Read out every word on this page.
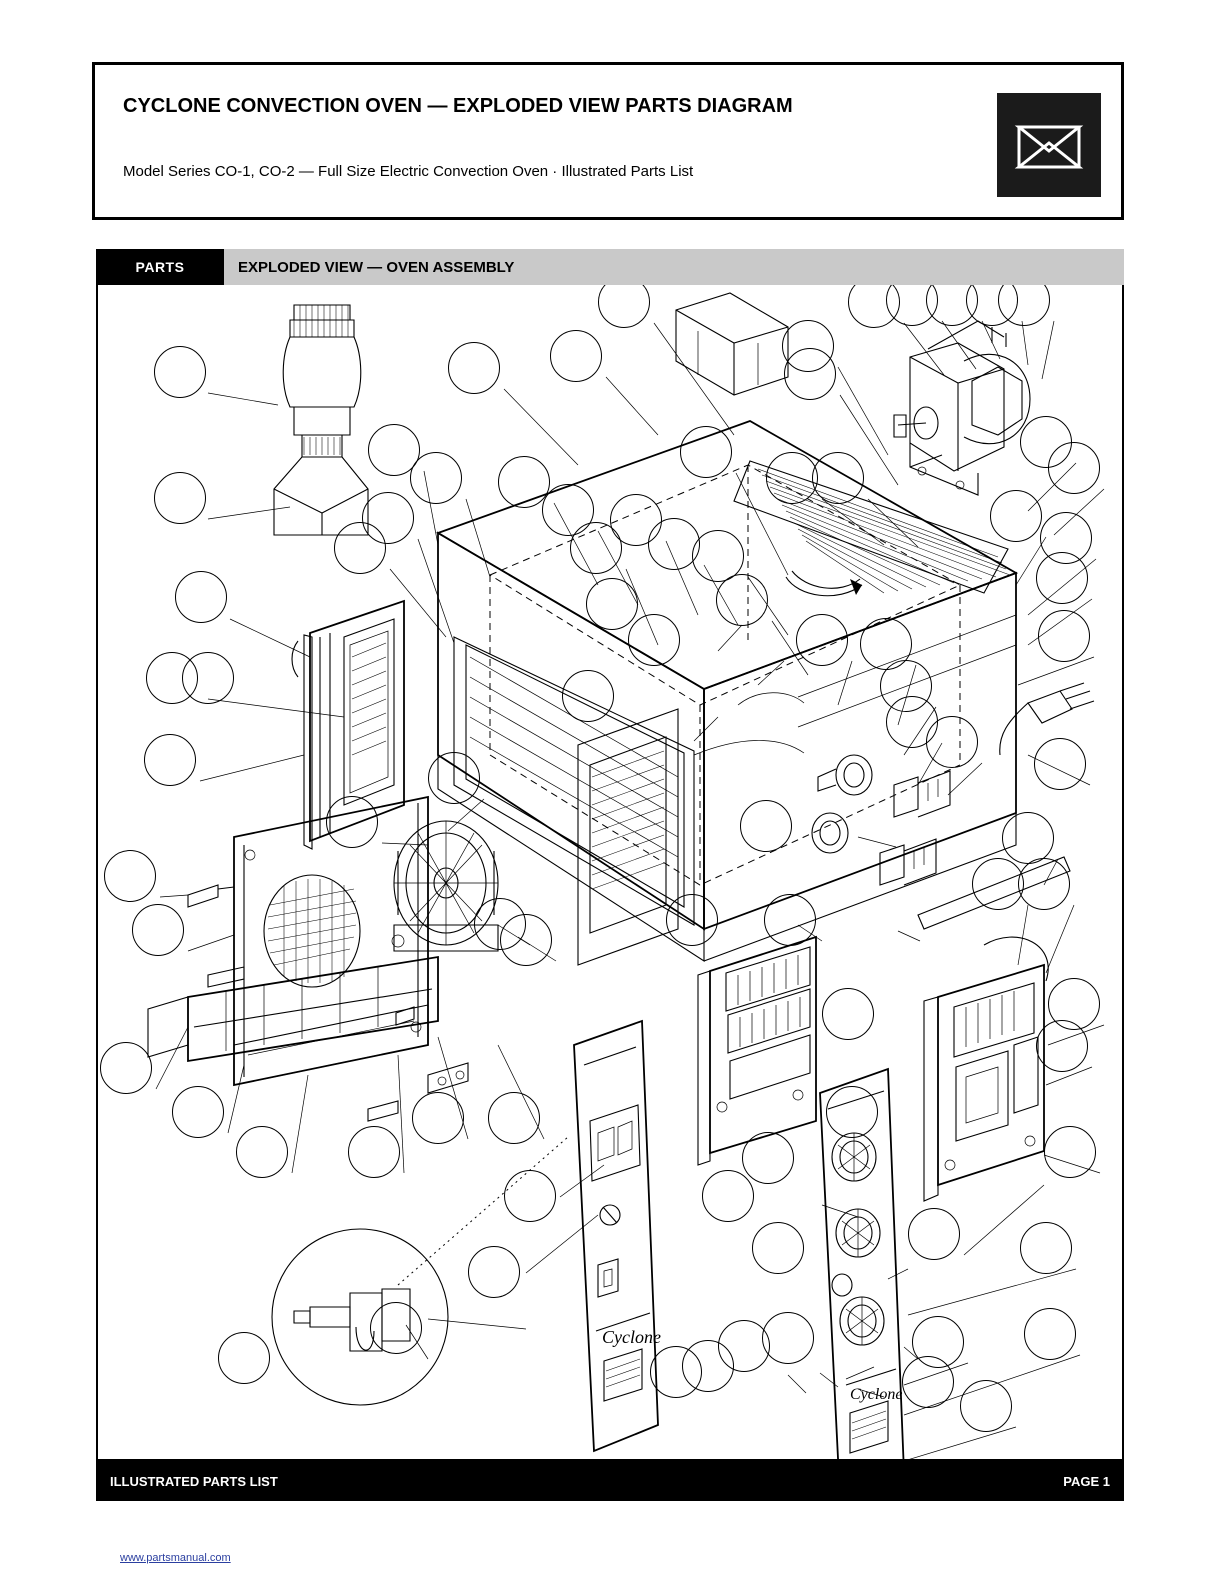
CYCLONE CONVECTION OVEN — EXPLODED VIEW PARTS DIAGRAM
Model Series CO-1, CO-2 — Full Size Electric Convection Oven · Illustrated Parts List
PARTS	EXPLODED VIEW — OVEN ASSEMBLY
Cyclone
Cyclone
ILLUSTRATED PARTS LIST	PAGE 1
www.partsmanual.com
